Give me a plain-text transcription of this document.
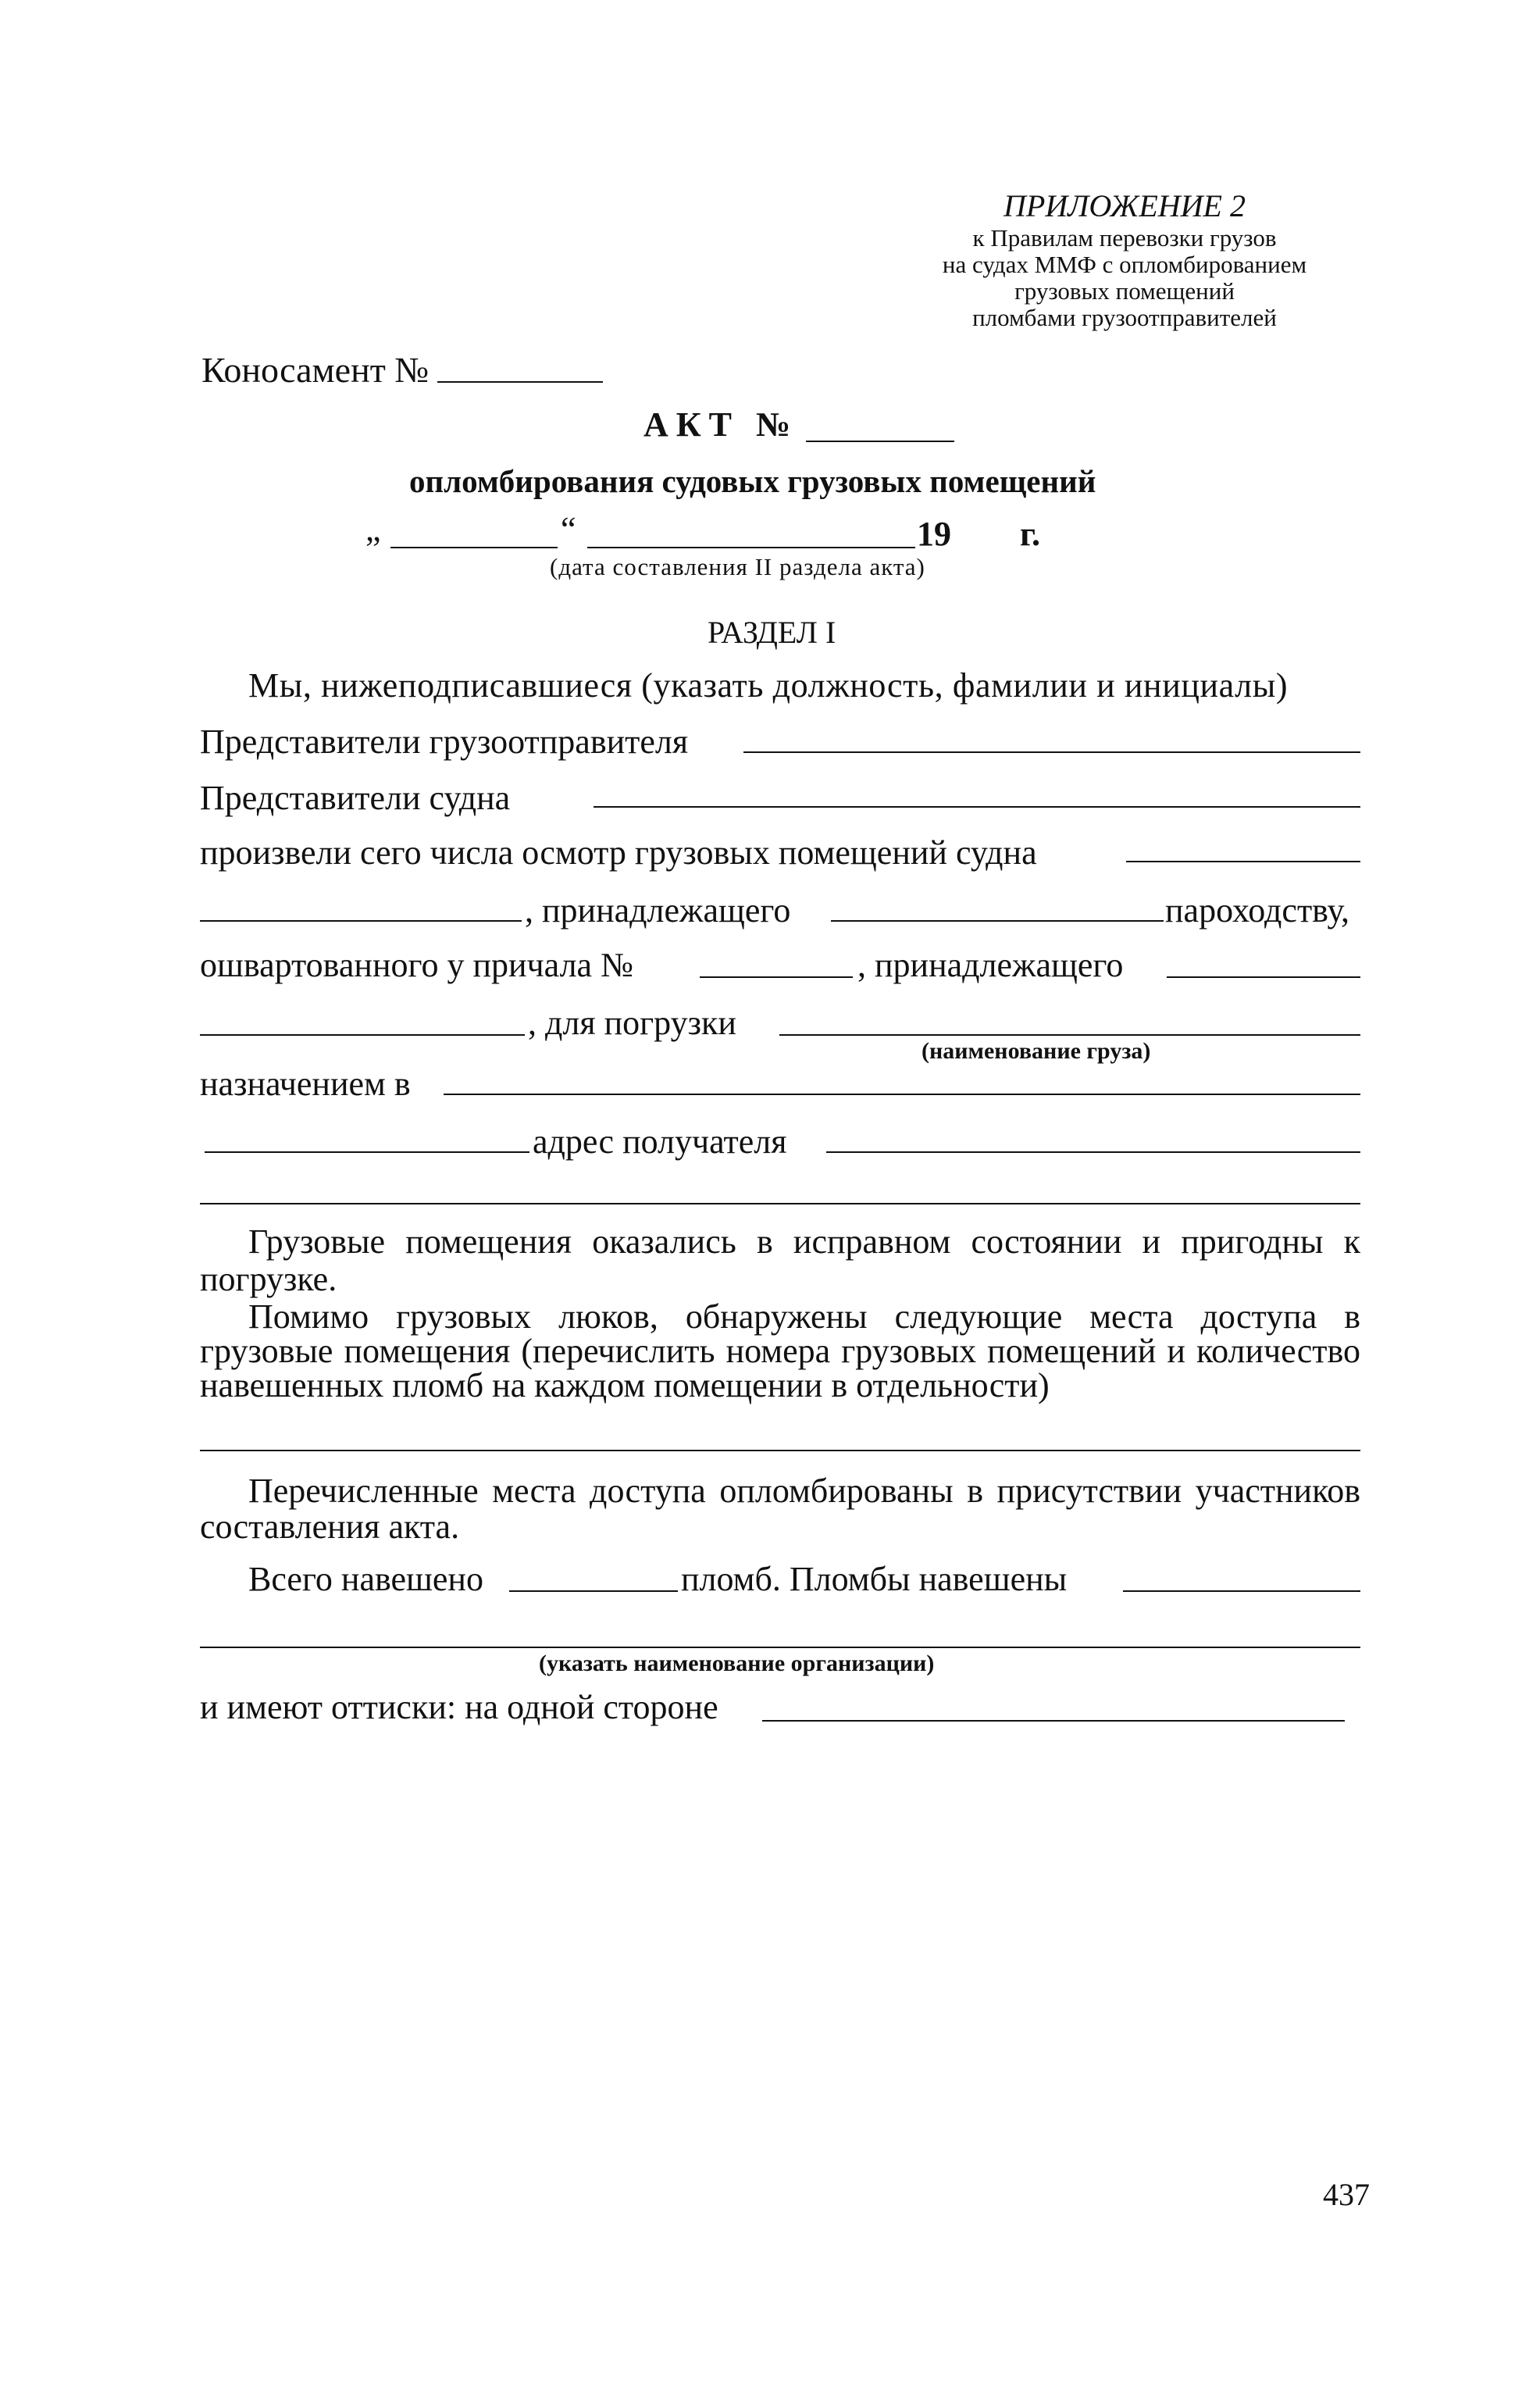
ПРИЛОЖЕНИЕ 2
к Правилам перевозки грузов
на судах ММФ с опломбированием
грузовых помещений
пломбами грузоотправителей
Коносамент №
АКТ №
опломбирования судовых грузовых помещений
„	“	19 г.
(дата составления II раздела акта)
РАЗДЕЛ I
Мы, нижеподписавшиеся (указать должность, фамилии и инициалы)
Представители грузоотправителя
Представители судна
произвели сего числа осмотр грузовых помещений судна
, принадлежащего	пароходству,
ошвартованного у причала №	, принадлежащего
, для погрузки
(наименование груза)
назначением в
адрес получателя
Грузовые помещения оказались в исправном состоянии и пригодны к погрузке.
Помимо грузовых люков, обнаружены следующие места доступа в грузовые помещения (перечислить номера грузовых помещений и количество навешенных пломб на каждом помещении в отдельности)
Перечисленные места доступа опломбированы в присутствии участников составления акта.
Всего навешено	пломб. Пломбы навешены
(указать наименование организации)
и имеют оттиски: на одной стороне
437
